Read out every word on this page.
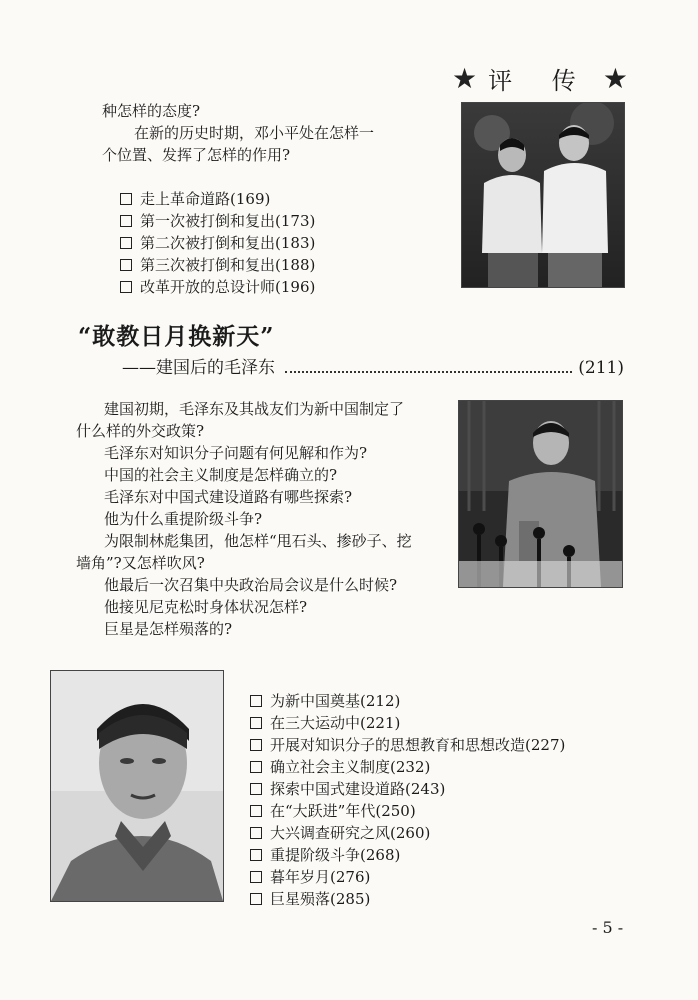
★ 评 传 ★
种怎样的态度?
在新的历史时期，邓小平处在怎样一
个位置、发挥了怎样的作用?
走上革命道路(169)
第一次被打倒和复出(173)
第二次被打倒和复出(183)
第三次被打倒和复出(188)
改革开放的总设计师(196)
“敢教日月换新天”
——建国后的毛泽东	(211)
建国初期，毛泽东及其战友们为新中国制定了
什么样的外交政策?
毛泽东对知识分子问题有何见解和作为?
中国的社会主义制度是怎样确立的?
毛泽东对中国式建设道路有哪些探索?
他为什么重提阶级斗争?
为限制林彪集团，他怎样“甩石头、掺砂子、挖
墙角”?又怎样吹风?
他最后一次召集中央政治局会议是什么时候?
他接见尼克松时身体状况怎样?
巨星是怎样殒落的?
为新中国奠基(212)
在三大运动中(221)
开展对知识分子的思想教育和思想改造(227)
确立社会主义制度(232)
探索中国式建设道路(243)
在“大跃进”年代(250)
大兴调查研究之风(260)
重提阶级斗争(268)
暮年岁月(276)
巨星殒落(285)
- 5 -
